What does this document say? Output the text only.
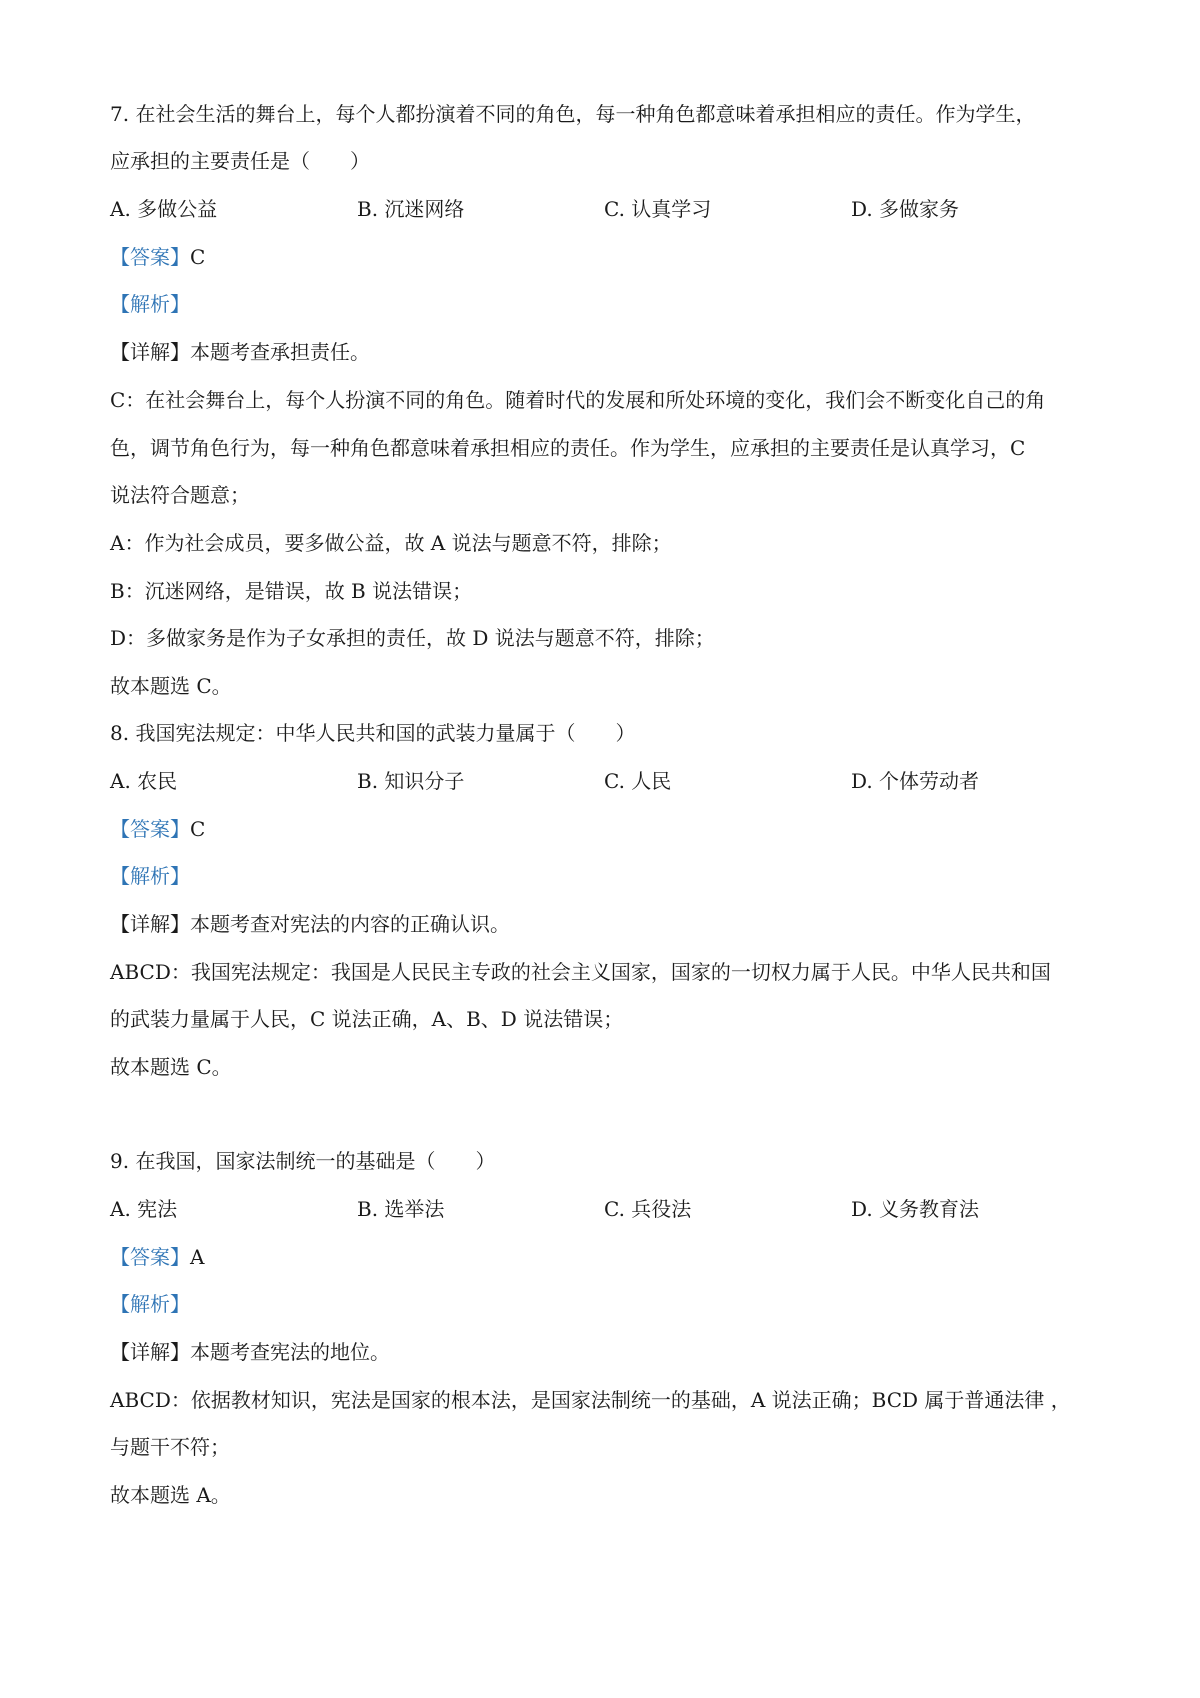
7. 在社会生活的舞台上，每个人都扮演着不同的角色，每一种角色都意味着承担相应的责任。作为学生，
应承担的主要责任是（　　）
A. 多做公益	B. 沉迷网络	C. 认真学习	D. 多做家务
【答案】C
【解析】
【详解】本题考查承担责任。
C：在社会舞台上，每个人扮演不同的角色。随着时代的发展和所处环境的变化，我们会不断变化自己的角
色，调节角色行为，每一种角色都意味着承担相应的责任。作为学生，应承担的主要责任是认真学习，C
说法符合题意；
A：作为社会成员，要多做公益，故 A 说法与题意不符，排除；
B：沉迷网络，是错误，故 B 说法错误；
D：多做家务是作为子女承担的责任，故 D 说法与题意不符，排除；
故本题选 C。
8. 我国宪法规定：中华人民共和国的武装力量属于（　　）
A. 农民	B. 知识分子	C. 人民	D. 个体劳动者
【答案】C
【解析】
【详解】本题考查对宪法的内容的正确认识。
ABCD：我国宪法规定：我国是人民民主专政的社会主义国家，国家的一切权力属于人民。中华人民共和国
的武装力量属于人民，C 说法正确，A、B、D 说法错误；
故本题选 C。
9. 在我国，国家法制统一的基础是（　　）
A. 宪法	B. 选举法	C. 兵役法	D. 义务教育法
【答案】A
【解析】
【详解】本题考查宪法的地位。
ABCD：依据教材知识，宪法是国家的根本法，是国家法制统一的基础，A 说法正确；BCD 属于普通法律 ，
与题干不符；
故本题选 A。
